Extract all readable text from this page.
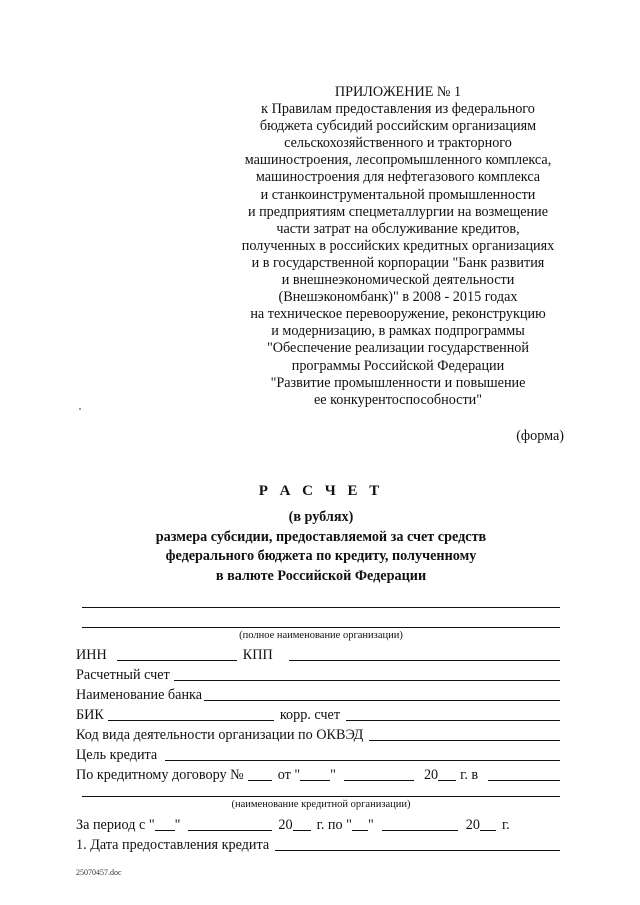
ПРИЛОЖЕНИЕ № 1
к Правилам предоставления из федерального
бюджета субсидий российским организациям
сельскохозяйственного и тракторного
машиностроения, лесопромышленного комплекса,
машиностроения для нефтегазового комплекса
и станкоинструментальной промышленности
и предприятиям спецметаллургии на возмещение
части затрат на обслуживание кредитов,
полученных в российских кредитных организациях
и в государственной корпорации "Банк развития
и внешнеэкономической деятельности
(Внешэкономбанк)" в 2008 - 2015 годах
на техническое перевооружение, реконструкцию
и модернизацию, в рамках подпрограммы
"Обеспечение реализации государственной
программы Российской Федерации
"Развитие промышленности и повышение
ее конкурентоспособности"
(форма)
Р А С Ч Е Т
(в рублях)
размера субсидии, предоставляемой за счет средств
федерального бюджета по кредиту, полученному
в валюте Российской Федерации
(полное наименование организации)
ИНН	КПП
Расчетный счет
Наименование банка
БИК	корр. счет
Код вида деятельности организации по ОКВЭД
Цель кредита
По кредитному договору № от " "	20 г. в
(наименование кредитной организации)
За период с " "	20 г. по " "	20 г.
1. Дата предоставления кредита
25070457.doc
